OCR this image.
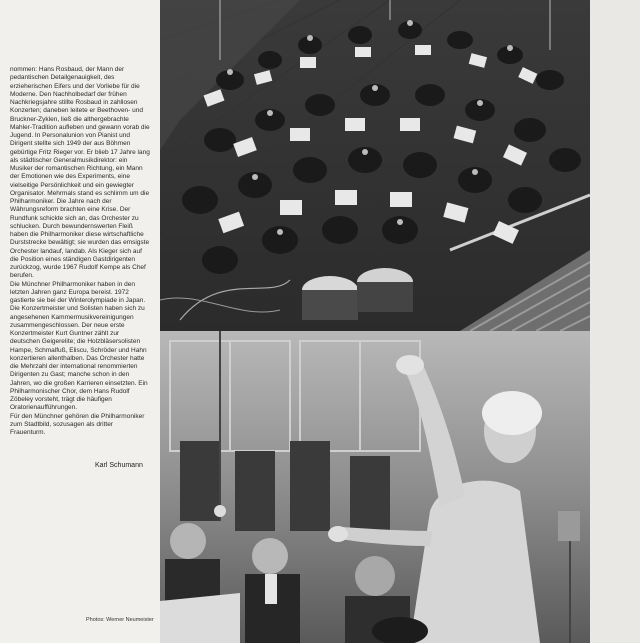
nommen: Hans Rosbaud, der Mann der pedantischen Detailgenauigkeit, des erzieherischen Eifers und der Vorliebe für die Moderne. Den Nachholbedarf der frühen Nachkriegsjahre stillte Rosbaud in zahllosen Konzerten; daneben leitete er Beethoven- und Bruckner-Zyklen, ließ die althergebrachte Mahler-Tradition aufleben und gewann vorab die Jugend. In Personalunion von Pianist und Dirigent stellte sich 1949 der aus Böhmen gebürtige Fritz Rieger vor. Er blieb 17 Jahre lang als städtischer Generalmusikdirektor: ein Musiker der romantischen Richtung, ein Mann der Emotionen wie des Experiments, eine vielseitige Persönlichkeit und ein gewiegter Organisator. Mehrmals stand es schlimm um die Philharmoniker. Die Jahre nach der Währungsreform brachten eine Krise. Der Rundfunk schickte sich an, das Orchester zu schlucken. Durch bewundernswerten Fleiß haben die Philharmoniker diese wirtschaftliche Durststrecke bewältigt; sie wurden das emsigste Orchester landauf, landab. Als Kieger sich auf die Position eines ständigen Gastdirigenten zurückzog, wurde 1967 Rudolf Kempe als Chef berufen.

Die Münchner Philharmoniker haben in den letzten Jahren ganz Europa bereist. 1972 gastierte sie bei der Winterolympiade in Japan. Die Konzertmeister und Solisten haben sich zu angesehenen Kammermusikvereinigungen zusammengeschlossen. Der neue erste Konzertmeister Kurt Guntner zählt zur deutschen Geigerelite; die Holzbläsersolisten Hampe, Schmalfuß, Eliscu, Schröder und Hahn konzertieren allenthalben. Das Orchester hatte die Mehrzahl der international renommierten Dirigenten zu Gast; manche schon in den Jahren, wo die großen Karrieren einsetzten. Ein Philharmonischer Chor, dem Hans Rudolf Zöbeley vorsteht, trägt die häufigen Oratorienaufführungen.

Für den Münchner gehören die Philharmoniker zum Stadtbild, sozusagen als dritter Frauenturm.

Karl Schumann
Photos: Werner Neumeister
